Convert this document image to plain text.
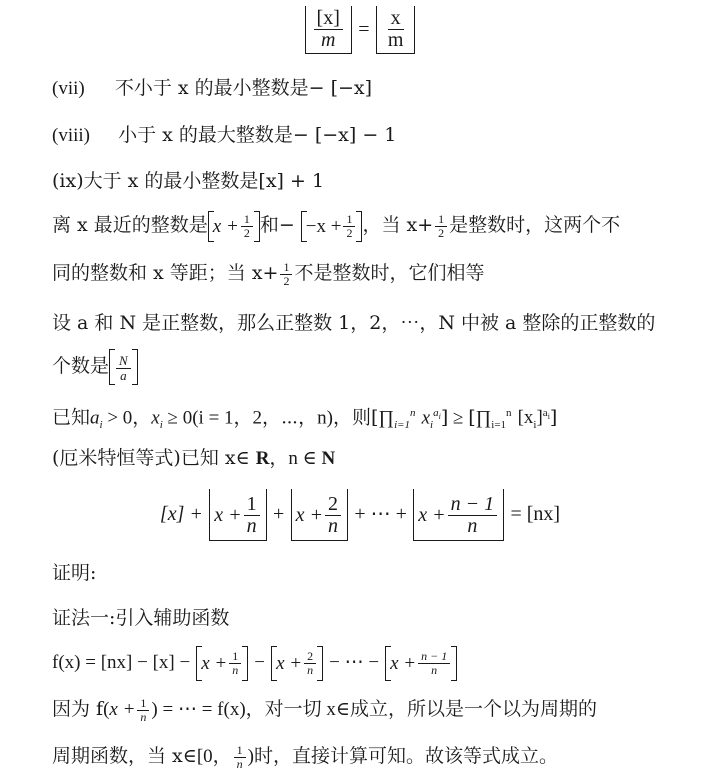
$\frac{[x]}{m} = \frac{x}{m}$
(vii) 不小于 x 的最小整数是− [−x]
(viii) 小于 x 的最大整数是− [−x] − 1
(ix)大于 x 的最小整数是[x] + 1
离 x 最近的整数是 $x + \frac{1}{2}$ 和− $-x + \frac{1}{2}$ ，当 $x+ \frac{1}{2}$ 是整数时，这两个不
同的整数和 x 等距；当 $x+ \frac{1}{2}$ 不是整数时，它们相等
设 a 和 N 是正整数，那么正整数 1，2，⋯，N 中被 a 整除的正整数的
个数是 $\frac{N}{a}$
已知$a_i > 0$，$x_i \ge 0(i = 1$，2，⋯，n)，则[$\prod_{i=1}^n$ $x_i^{a_i}$] ≥ [$\prod_{i=1}^n$ $[x_i]^{a_i}$]
(厄米特恒等式)已知 x∈ R，n ∈ N
$[x] + x + \frac{1}{n} + x + \frac{2}{n}$ + ⋯ + $x + \frac{n - 1}{n} = [nx]$
证明:
证法一:引入辅助函数
$f(x) = [nx] - [x] - x + \frac{1}{n} - x + \frac{2}{n}$ − ⋯ − $x + \frac{n - 1}{n}$
因为 $f(x + \frac{1}{n}$ ) = ⋯ = f(x)，对一切 x∈成立，所以是一个以为周期的
周期函数，当 x∈[0， $\frac{1}{n}$ )时，直接计算可知。故该等式成立。
